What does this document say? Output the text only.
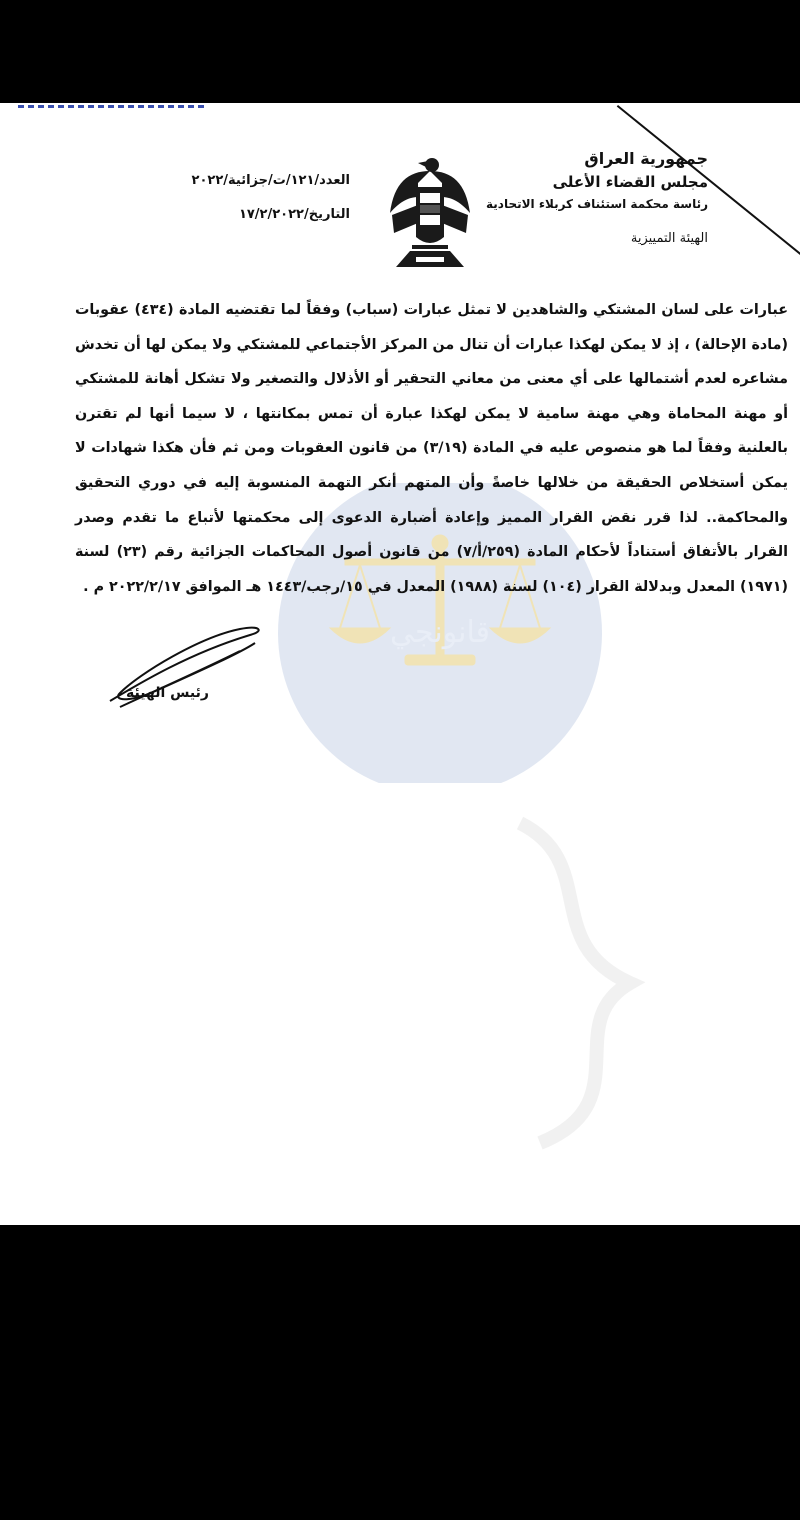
قانونجي
جمهورية العراق
مجلس القضاء الأعلى
رئاسة محكمة استئناف كربلاء الاتحادية
الهيئة التمييزية
العدد/١٢١/ت/جزائية/٢٠٢٢
التاريخ/١٧/٢/٢٠٢٢

عبارات على لسان المشتكي والشاهدين لا تمثل عبارات (سباب) وفقاً لما تقتضيه المادة (٤٣٤) عقوبات (مادة الإحالة) ، إذ لا يمكن لهكذا عبارات أن تنال من المركز الأجتماعي للمشتكي ولا يمكن لها أن تخدش مشاعره لعدم أشتمالها على أي معنى من معاني التحقير أو الأذلال والتصغير ولا تشكل أهانة للمشتكي أو مهنة المحاماة وهي مهنة سامية لا يمكن لهكذا عبارة أن تمس بمكانتها ، لا سيما أنها لم تقترن بالعلنية وفقاً لما هو منصوص عليه في المادة (٣/١٩) من قانون العقوبات ومن ثم فأن هكذا شهادات لا يمكن أستخلاص الحقيقة من خلالها خاصةً وأن المتهم أنكر التهمة المنسوبة إليه في دوري التحقيق والمحاكمة.. لذا قرر نقض القرار المميز وإعادة أضبارة الدعوى إلى محكمتها لأتباع ما تقدم وصدر القرار بالأتفاق أستناداً لأحكام المادة (٢٥٩/أ/٧) من قانون أصول المحاكمات الجزائية رقم (٢٣) لسنة (١٩٧١) المعدل وبدلالة القرار (١٠٤) لسنة (١٩٨٨) المعدل في ١٥/رجب/١٤٤٣ هـ الموافق ٢٠٢٢/٢/١٧ م .

رئيس الهيئة
